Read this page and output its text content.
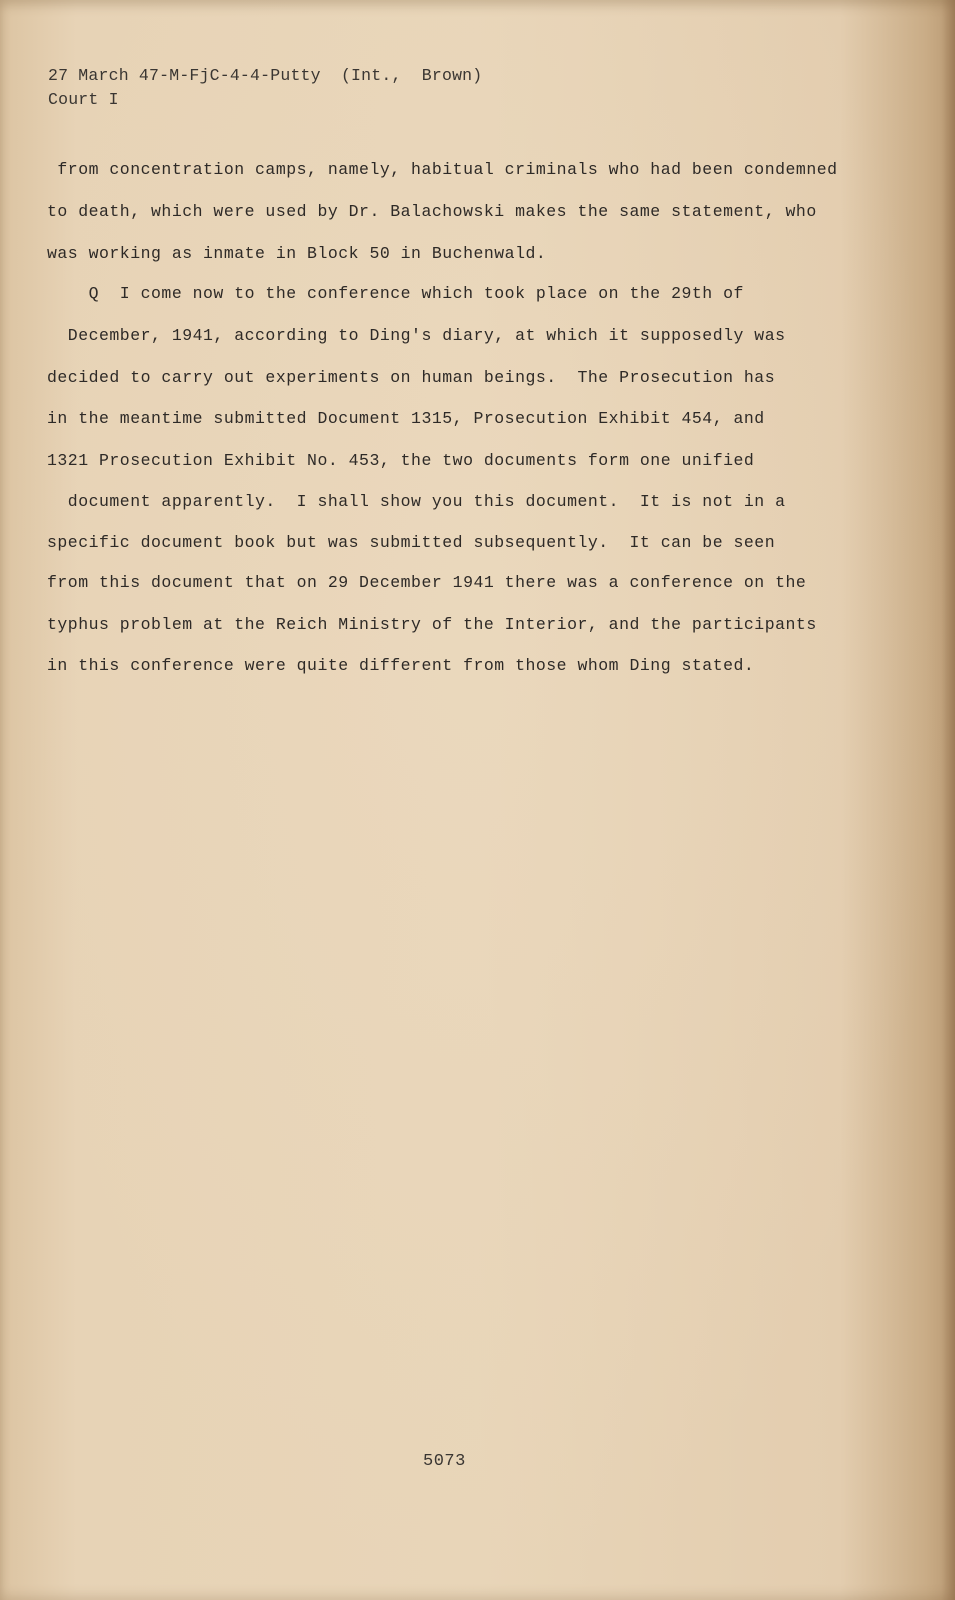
27 March 47-M-FjC-4-4-Putty  (Int.,  Brown)
Court I
from concentration camps, namely, habitual criminals who had been condemned
to death, which were used by Dr. Balachowski makes the same statement, who
was working as inmate in Block 50 in Buchenwald.
Q  I come now to the conference which took place on the 29th of
December, 1941, according to Ding's diary, at which it supposedly was
decided to carry out experiments on human beings.  The Prosecution has
in the meantime submitted Document 1315, Prosecution Exhibit 454, and
1321 Prosecution Exhibit No. 453, the two documents form one unified
document apparently.  I shall show you this document.  It is not in a
specific document book but was submitted subsequently.  It can be seen
from this document that on 29 December 1941 there was a conference on the
typhus problem at the Reich Ministry of the Interior, and the participants
in this conference were quite different from those whom Ding stated.
5073
